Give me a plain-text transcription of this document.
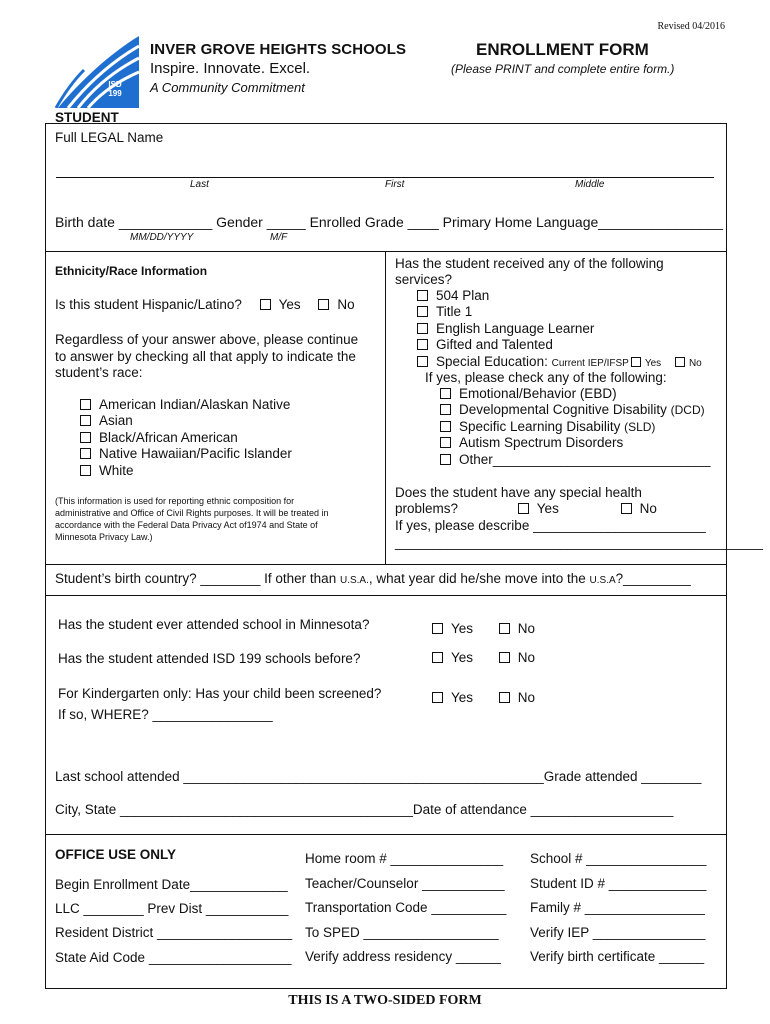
Revised 04/2016
ISD
199
INVER GROVE HEIGHTS SCHOOLS
Inspire. Innovate. Excel.
A Community Commitment
ENROLLMENT FORM
(Please PRINT and complete entire form.)
STUDENT
Full LEGAL Name
Last	First	Middle
Birth date ____________ Gender _____ Enrolled Grade ____ Primary Home Language________________
MM/DD/YYYY	M/F
Ethnicity/Race Information
Is this student Hispanic/Latino?	Yes	No
Regardless of your answer above, please continue
to answer by checking all that apply to indicate the
student’s race:
American Indian/Alaskan Native
Asian
Black/African American
Native Hawaiian/Pacific Islander
White
(This information is used for reporting ethnic composition for
administrative and Office of Civil Rights purposes. It will be treated in
accordance with the Federal Data Privacy Act of1974 and State of
Minnesota Privacy Law.)
Has the student received any of the following
services?
504 Plan
Title 1
English Language Learner
Gifted and Talented
Special Education: Current IEP/IFSP Yes	No
If yes, please check any of the following:
Emotional/Behavior (EBD)
Developmental Cognitive Disability (DCD)
Specific Learning Disability (SLD)
Autism Spectrum Disorders
Other_____________________________
Does the student have any special health
problems?	Yes	No
If yes, please describe _______________________
_________________________________________________
Student’s birth country? ________ If other than U.S.A., what year did he/she move into the U.S.A?_________
Has the student ever attended school in Minnesota?	Yes	No
Has the student attended ISD 199 schools before?	Yes	No
For Kindergarten only: Has your child been screened?	Yes	No
If so, WHERE? ________________
Last school attended ________________________________________________Grade attended ________
City, State _______________________________________Date of attendance ___________________
OFFICE USE ONLY
Begin Enrollment Date_____________
LLC ________ Prev Dist ___________
Resident District __________________
State Aid Code ___________________
Home room # _______________
Teacher/Counselor ___________
Transportation Code __________
To SPED __________________
Verify address residency ______
School # ________________
Student ID # _____________
Family # ________________
Verify IEP _______________
Verify birth certificate ______
THIS IS A TWO-SIDED FORM
